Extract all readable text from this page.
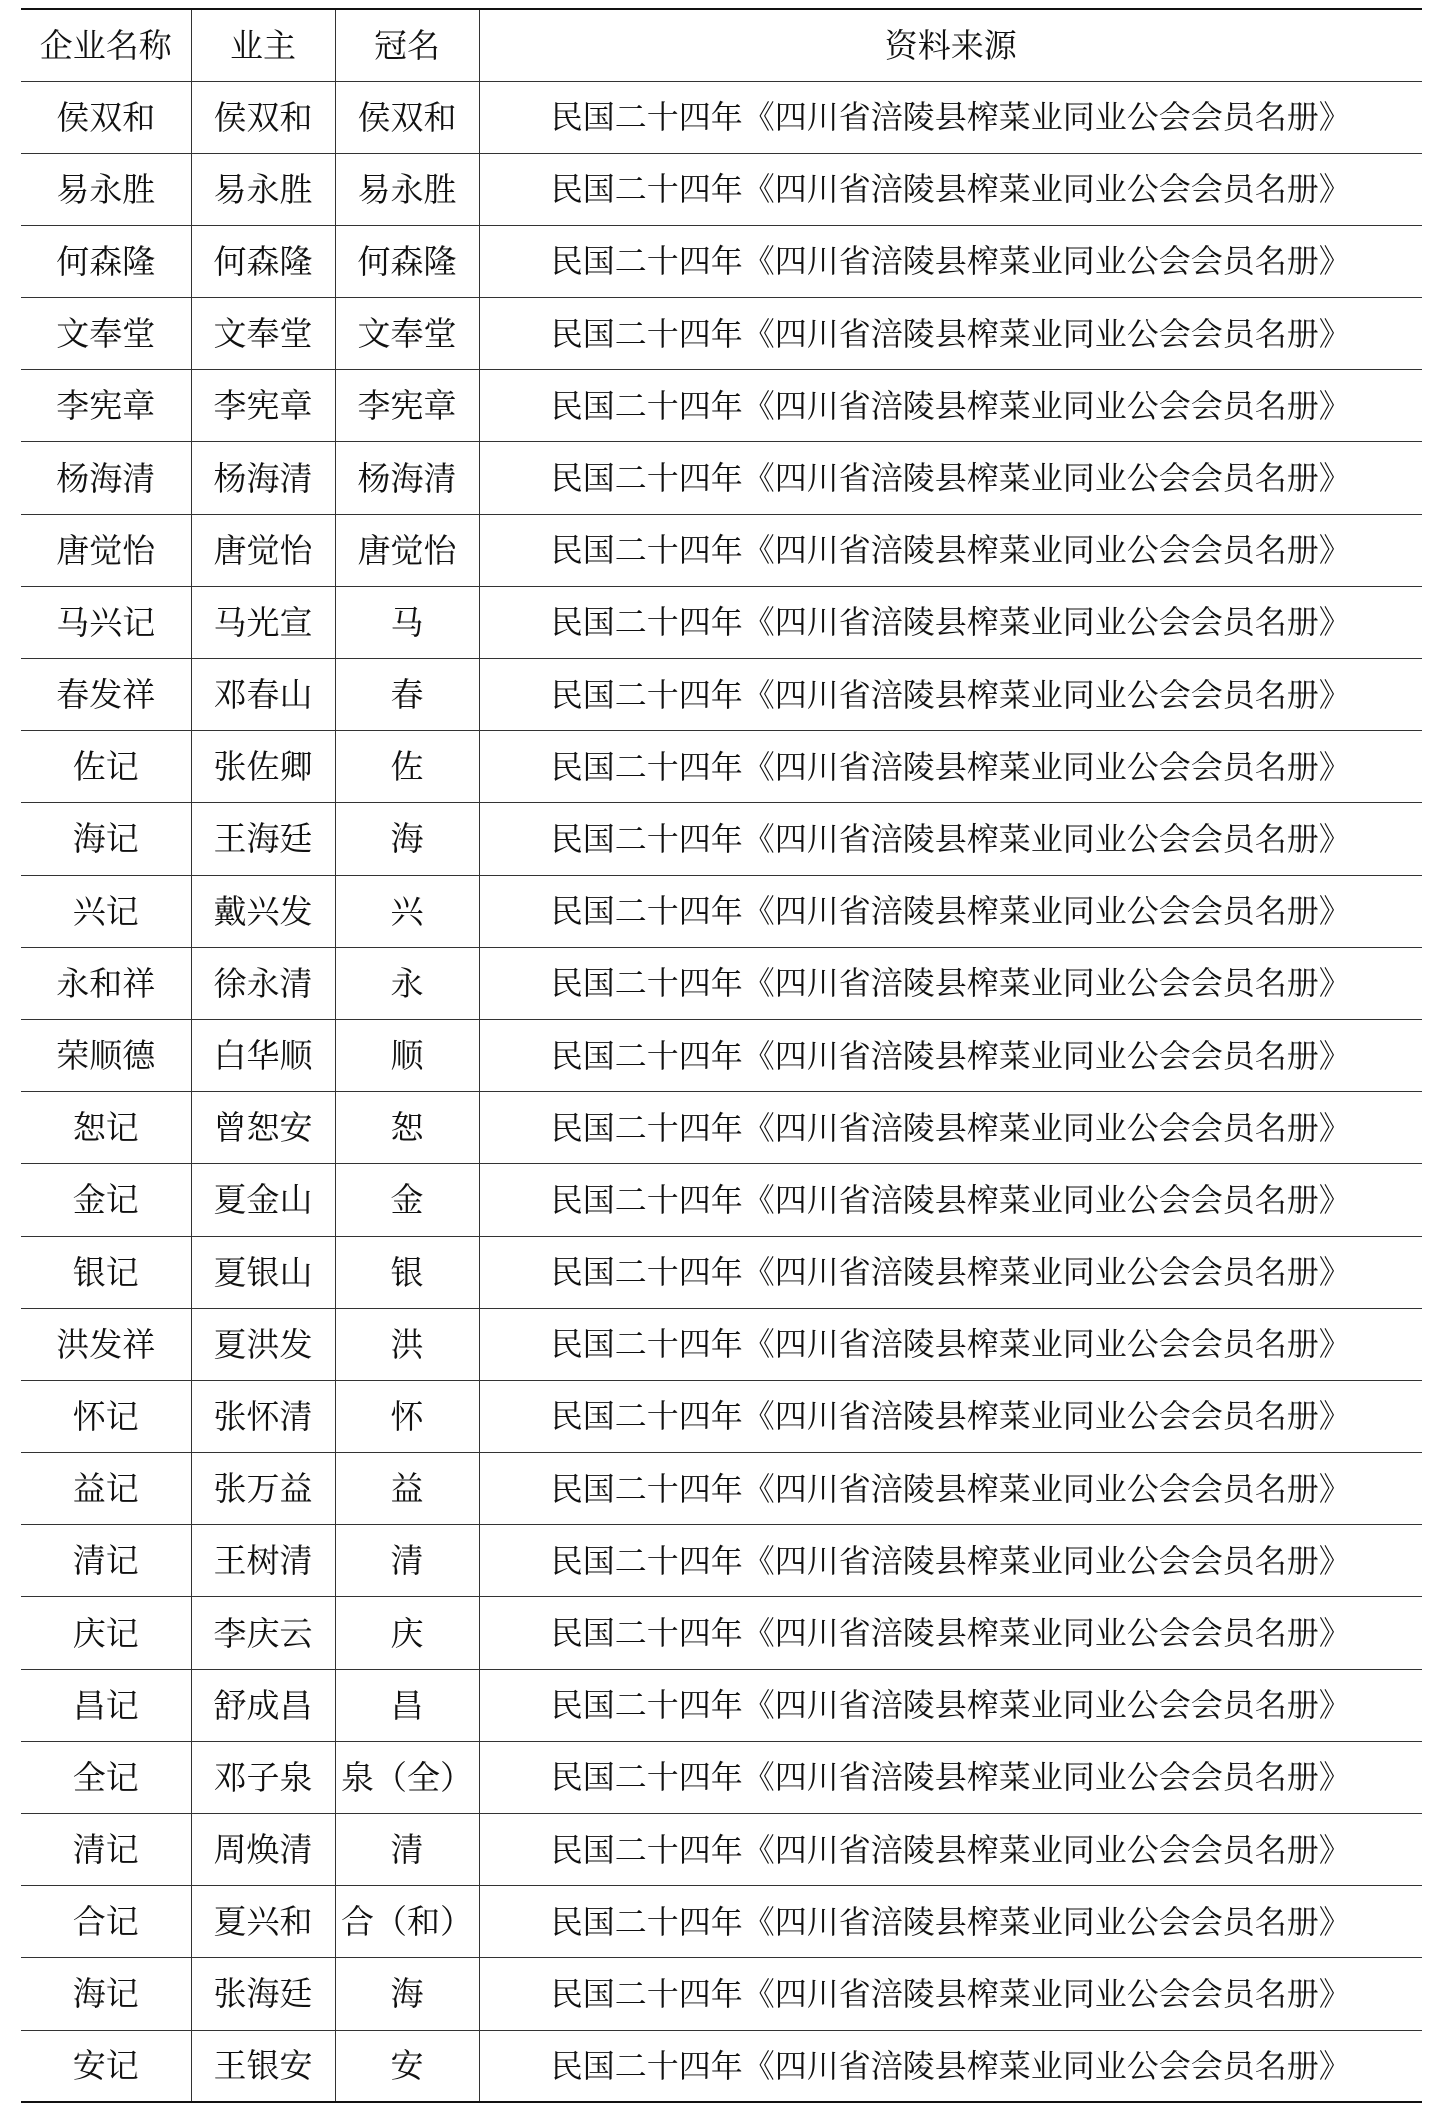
企业名称	业主	冠名	资料来源
侯双和	侯双和	侯双和	民国二十四年《四川省涪陵县榨菜业同业公会会员名册》
易永胜	易永胜	易永胜	民国二十四年《四川省涪陵县榨菜业同业公会会员名册》
何森隆	何森隆	何森隆	民国二十四年《四川省涪陵县榨菜业同业公会会员名册》
文奉堂	文奉堂	文奉堂	民国二十四年《四川省涪陵县榨菜业同业公会会员名册》
李宪章	李宪章	李宪章	民国二十四年《四川省涪陵县榨菜业同业公会会员名册》
杨海清	杨海清	杨海清	民国二十四年《四川省涪陵县榨菜业同业公会会员名册》
唐觉怡	唐觉怡	唐觉怡	民国二十四年《四川省涪陵县榨菜业同业公会会员名册》
马兴记	马光宣	马	民国二十四年《四川省涪陵县榨菜业同业公会会员名册》
春发祥	邓春山	春	民国二十四年《四川省涪陵县榨菜业同业公会会员名册》
佐记	张佐卿	佐	民国二十四年《四川省涪陵县榨菜业同业公会会员名册》
海记	王海廷	海	民国二十四年《四川省涪陵县榨菜业同业公会会员名册》
兴记	戴兴发	兴	民国二十四年《四川省涪陵县榨菜业同业公会会员名册》
永和祥	徐永清	永	民国二十四年《四川省涪陵县榨菜业同业公会会员名册》
荣顺德	白华顺	顺	民国二十四年《四川省涪陵县榨菜业同业公会会员名册》
恕记	曾恕安	恕	民国二十四年《四川省涪陵县榨菜业同业公会会员名册》
金记	夏金山	金	民国二十四年《四川省涪陵县榨菜业同业公会会员名册》
银记	夏银山	银	民国二十四年《四川省涪陵县榨菜业同业公会会员名册》
洪发祥	夏洪发	洪	民国二十四年《四川省涪陵县榨菜业同业公会会员名册》
怀记	张怀清	怀	民国二十四年《四川省涪陵县榨菜业同业公会会员名册》
益记	张万益	益	民国二十四年《四川省涪陵县榨菜业同业公会会员名册》
清记	王树清	清	民国二十四年《四川省涪陵县榨菜业同业公会会员名册》
庆记	李庆云	庆	民国二十四年《四川省涪陵县榨菜业同业公会会员名册》
昌记	舒成昌	昌	民国二十四年《四川省涪陵县榨菜业同业公会会员名册》
全记	邓子泉	泉（全）	民国二十四年《四川省涪陵县榨菜业同业公会会员名册》
清记	周焕清	清	民国二十四年《四川省涪陵县榨菜业同业公会会员名册》
合记	夏兴和	合（和）	民国二十四年《四川省涪陵县榨菜业同业公会会员名册》
海记	张海廷	海	民国二十四年《四川省涪陵县榨菜业同业公会会员名册》
安记	王银安	安	民国二十四年《四川省涪陵县榨菜业同业公会会员名册》
